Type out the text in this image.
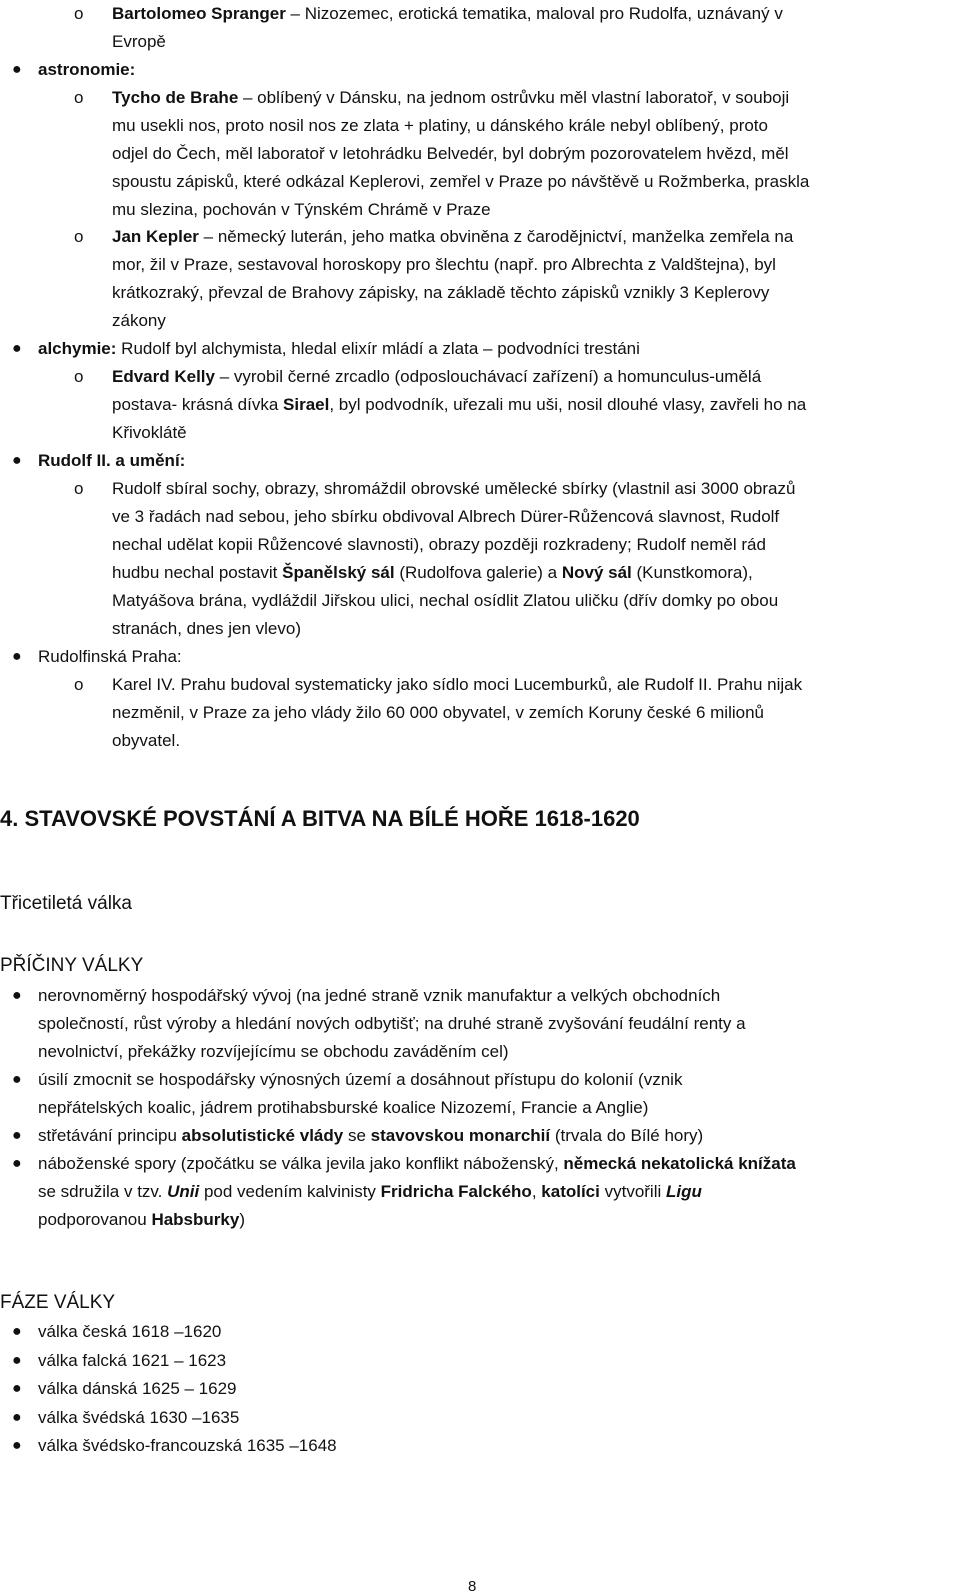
o Bartolomeo Spranger – Nizozemec, erotická tematika, maloval pro Rudolfa, uznávaný v
Evropě
● astronomie:
o Tycho de Brahe – oblíbený v Dánsku, na jednom ostrůvku měl vlastní laboratoř, v souboji
mu usekli nos, proto nosil nos ze zlata + platiny, u dánského krále nebyl oblíbený, proto
odjel do Čech, měl laboratoř v letohrádku Belvedér, byl dobrým pozorovatelem hvězd, měl
spoustu zápisků, které odkázal Keplerovi, zemřel v Praze po návštěvě u Rožmberka, praskla
mu slezina, pochován v Týnském Chrámě v Praze
o Jan Kepler – německý luterán, jeho matka obviněna z čarodějnictví, manželka zemřela na
mor, žil v Praze, sestavoval horoskopy pro šlechtu (např. pro Albrechta z Valdštejna), byl
krátkozraký, převzal de Brahovy zápisky, na základě těchto zápisků vznikly 3 Keplerovy
zákony
● alchymie: Rudolf byl alchymista, hledal elixír mládí a zlata – podvodníci trestáni
o Edvard Kelly – vyrobil černé zrcadlo (odposlouchávací zařízení) a homunculus-umělá
postava- krásná dívka Sirael, byl podvodník, uřezali mu uši, nosil dlouhé vlasy, zavřeli ho na
Křivoklátě
● Rudolf II. a umění:
o Rudolf sbíral sochy, obrazy, shromáždil obrovské umělecké sbírky (vlastnil asi 3000 obrazů
ve 3 řadách nad sebou, jeho sbírku obdivoval Albrech Dürer-Růžencová slavnost, Rudolf
nechal udělat kopii Růžencové slavnosti), obrazy později rozkradeny; Rudolf neměl rád
hudbu nechal postavit Španělský sál (Rudolfova galerie) a Nový sál (Kunstkomora),
Matyášova brána, vydláždil Jiřskou ulici, nechal osídlit Zlatou uličku (dřív domky po obou
stranách, dnes jen vlevo)
● Rudolfinská Praha:
o Karel IV. Prahu budoval systematicky jako sídlo moci Lucemburků, ale Rudolf II. Prahu nijak
nezměnil, v Praze za jeho vlády žilo 60 000 obyvatel, v zemích Koruny české 6 milionů
obyvatel.
4. STAVOVSKÉ POVSTÁNÍ A BITVA NA BÍLÉ HOŘE 1618-1620
Třicetiletá válka
PŘÍČINY VÁLKY
● nerovnoměrný hospodářský vývoj (na jedné straně vznik manufaktur a velkých obchodních
společností, růst výroby a hledání nových odbytišť; na druhé straně zvyšování feudální renty a
nevolnictví, překážky rozvíjejícímu se obchodu zaváděním cel)
● úsilí zmocnit se hospodářsky výnosných území a dosáhnout přístupu do kolonií (vznik
nepřátelských koalic, jádrem protihabsburské koalice Nizozemí, Francie a Anglie)
● střetávání principu absolutistické vlády se stavovskou monarchií (trvala do Bílé hory)
● náboženské spory (zpočátku se válka jevila jako konflikt náboženský, německá nekatolická knížata
se sdružila v tzv. Unii pod vedením kalvinisty Fridricha Falckého, katolíci vytvořili Ligu
podporovanou Habsburky)
FÁZE VÁLKY
● válka česká 1618 –1620
● válka falcká 1621 – 1623
● válka dánská 1625 – 1629
● válka švédská 1630 –1635
● válka švédsko-francouzská 1635 –1648
8
